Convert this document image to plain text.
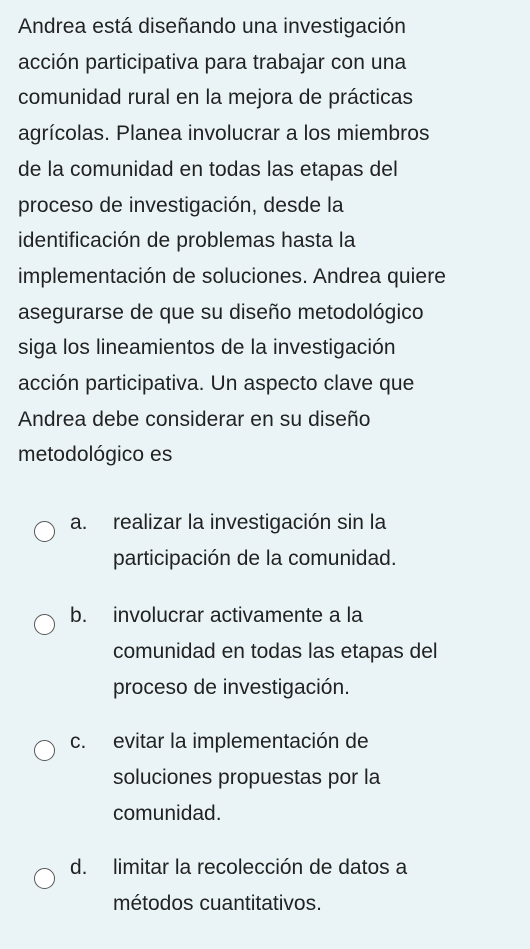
Andrea está diseñando una investigación
acción participativa para trabajar con una
comunidad rural en la mejora de prácticas
agrícolas. Planea involucrar a los miembros
de la comunidad en todas las etapas del
proceso de investigación, desde la
identificación de problemas hasta la
implementación de soluciones. Andrea quiere
asegurarse de que su diseño metodológico
siga los lineamientos de la investigación
acción participativa. Un aspecto clave que
Andrea debe considerar en su diseño
metodológico es

a. realizar la investigación sin la
participación de la comunidad.
b. involucrar activamente a la
comunidad en todas las etapas del
proceso de investigación.
c. evitar la implementación de
soluciones propuestas por la
comunidad.
d. limitar la recolección de datos a
métodos cuantitativos.
